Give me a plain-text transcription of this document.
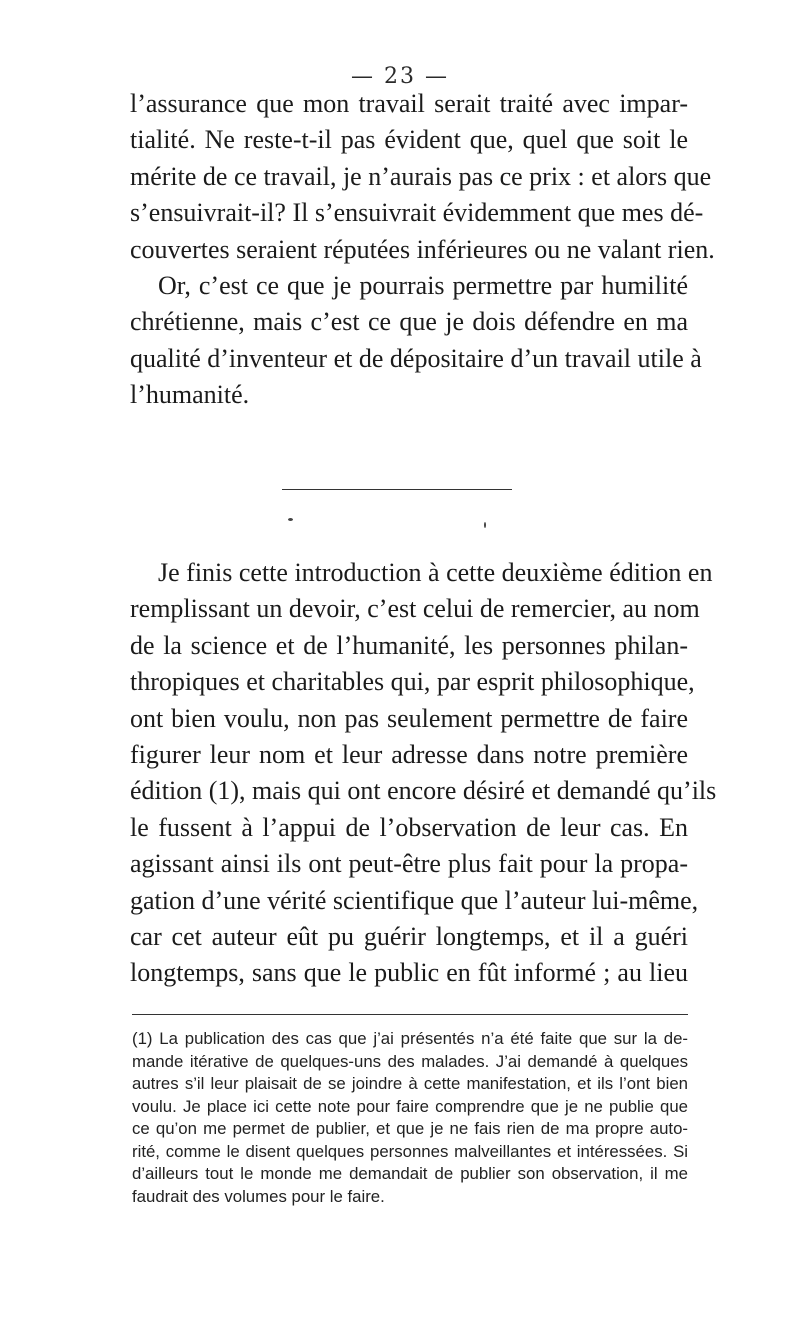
— 23 —
l’assurance que mon travail serait traité avec impar-
tialité. Ne reste-t-il pas évident que, quel que soit le
mérite de ce travail, je n’aurais pas ce prix : et alors que
s’ensuivrait-il? Il s’ensuivrait évidemment que mes dé-
couvertes seraient réputées inférieures ou ne valant rien.
Or, c’est ce que je pourrais permettre par humilité
chrétienne, mais c’est ce que je dois défendre en ma
qualité d’inventeur et de dépositaire d’un travail utile à
l’humanité.
Je finis cette introduction à cette deuxième édition en
remplissant un devoir, c’est celui de remercier, au nom
de la science et de l’humanité, les personnes philan-
thropiques et charitables qui, par esprit philosophique,
ont bien voulu, non pas seulement permettre de faire
figurer leur nom et leur adresse dans notre première
édition (1), mais qui ont encore désiré et demandé qu’ils
le fussent à l’appui de l’observation de leur cas. En
agissant ainsi ils ont peut-être plus fait pour la propa-
gation d’une vérité scientifique que l’auteur lui-même,
car cet auteur eût pu guérir longtemps, et il a guéri
longtemps, sans que le public en fût informé ; au lieu
(1) La publication des cas que j’ai présentés n’a été faite que sur la de-
mande itérative de quelques-uns des malades. J’ai demandé à quelques
autres s’il leur plaisait de se joindre à cette manifestation, et ils l’ont bien
voulu. Je place ici cette note pour faire comprendre que je ne publie que
ce qu’on me permet de publier, et que je ne fais rien de ma propre auto-
rité, comme le disent quelques personnes malveillantes et intéressées. Si
d’ailleurs tout le monde me demandait de publier son observation, il me
faudrait des volumes pour le faire.
